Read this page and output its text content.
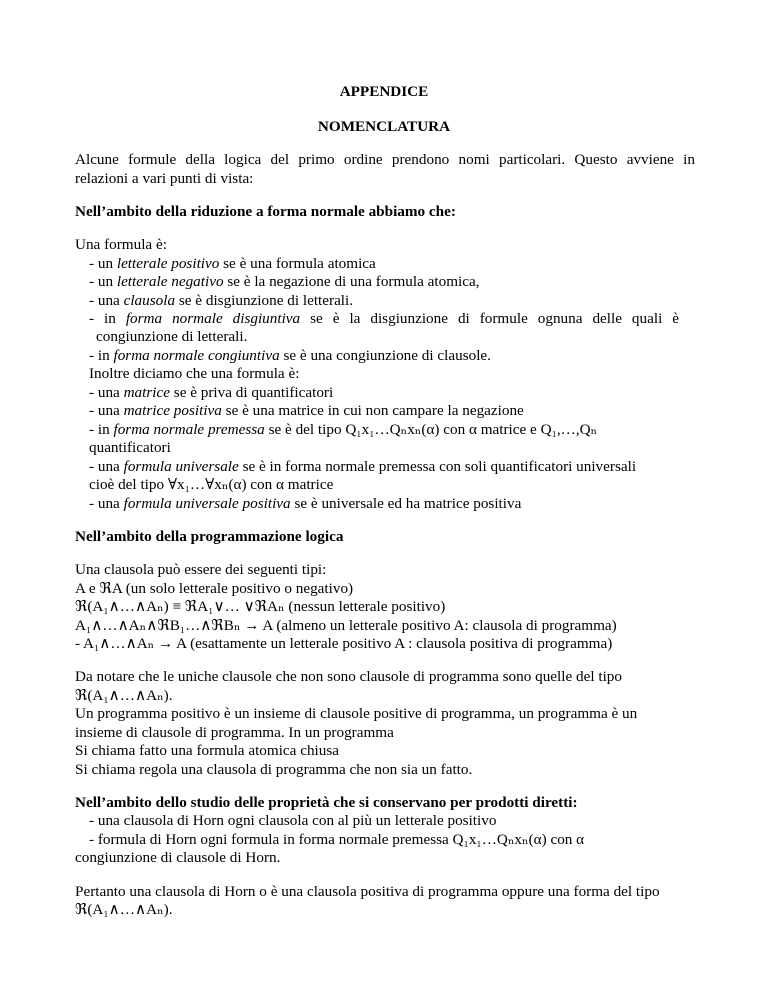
APPENDICE
NOMENCLATURA
Alcune formule della logica del primo ordine prendono nomi particolari. Questo avviene in
relazioni a vari punti di vista:
Nell’ambito della riduzione a forma normale abbiamo che:
Una formula è:
- un letterale positivo se è una formula atomica
- un letterale negativo se è la negazione di una formula atomica,
- una clausola se è disgiunzione di letterali.
- in forma normale disgiuntiva se è la disgiunzione di formule ognuna delle quali è
congiunzione di letterali.
- in forma normale congiuntiva se è una congiunzione di clausole.
Inoltre diciamo che una formula è:
- una matrice se è priva di quantificatori
- una matrice positiva se è una matrice in cui non campare la negazione
- in forma normale premessa se è del tipo Q₁x₁…Qₙxₙ(α) con α matrice e Q₁,…,Qₙ
quantificatori
- una formula universale se è in forma normale premessa con soli quantificatori universali
cioè del tipo ∀x₁…∀xₙ(α) con α matrice
- una formula universale positiva se è universale ed ha matrice positiva
Nell’ambito della programmazione logica
Una clausola può essere dei seguenti tipi:
A e ℜA (un solo letterale positivo o negativo)
ℜ(A₁∧…∧Aₙ) ≡ ℜA₁∨… ∨ℜAₙ (nessun letterale positivo)
A₁∧…∧Aₙ∧ℜB₁…∧ℜBₙ → A (almeno un letterale positivo A: clausola di programma)
- A₁∧…∧Aₙ → A (esattamente un letterale positivo A : clausola positiva di programma)
Da notare che le uniche clausole che non sono clausole di programma sono quelle del tipo
ℜ(A₁∧…∧Aₙ).
Un programma positivo è un insieme di clausole positive di programma, un programma è un
insieme di clausole di programma. In un programma
Si chiama fatto una formula atomica chiusa
Si chiama regola una clausola di programma che non sia un fatto.
Nell’ambito dello studio delle proprietà che si conservano per prodotti diretti:
- una clausola di Horn ogni clausola con al più un letterale positivo
- formula di Horn ogni formula in forma normale premessa Q₁x₁…Qₙxₙ(α) con α
congiunzione di clausole di Horn.
Pertanto una clausola di Horn o è una clausola positiva di programma oppure una forma del tipo
ℜ(A₁∧…∧Aₙ).
